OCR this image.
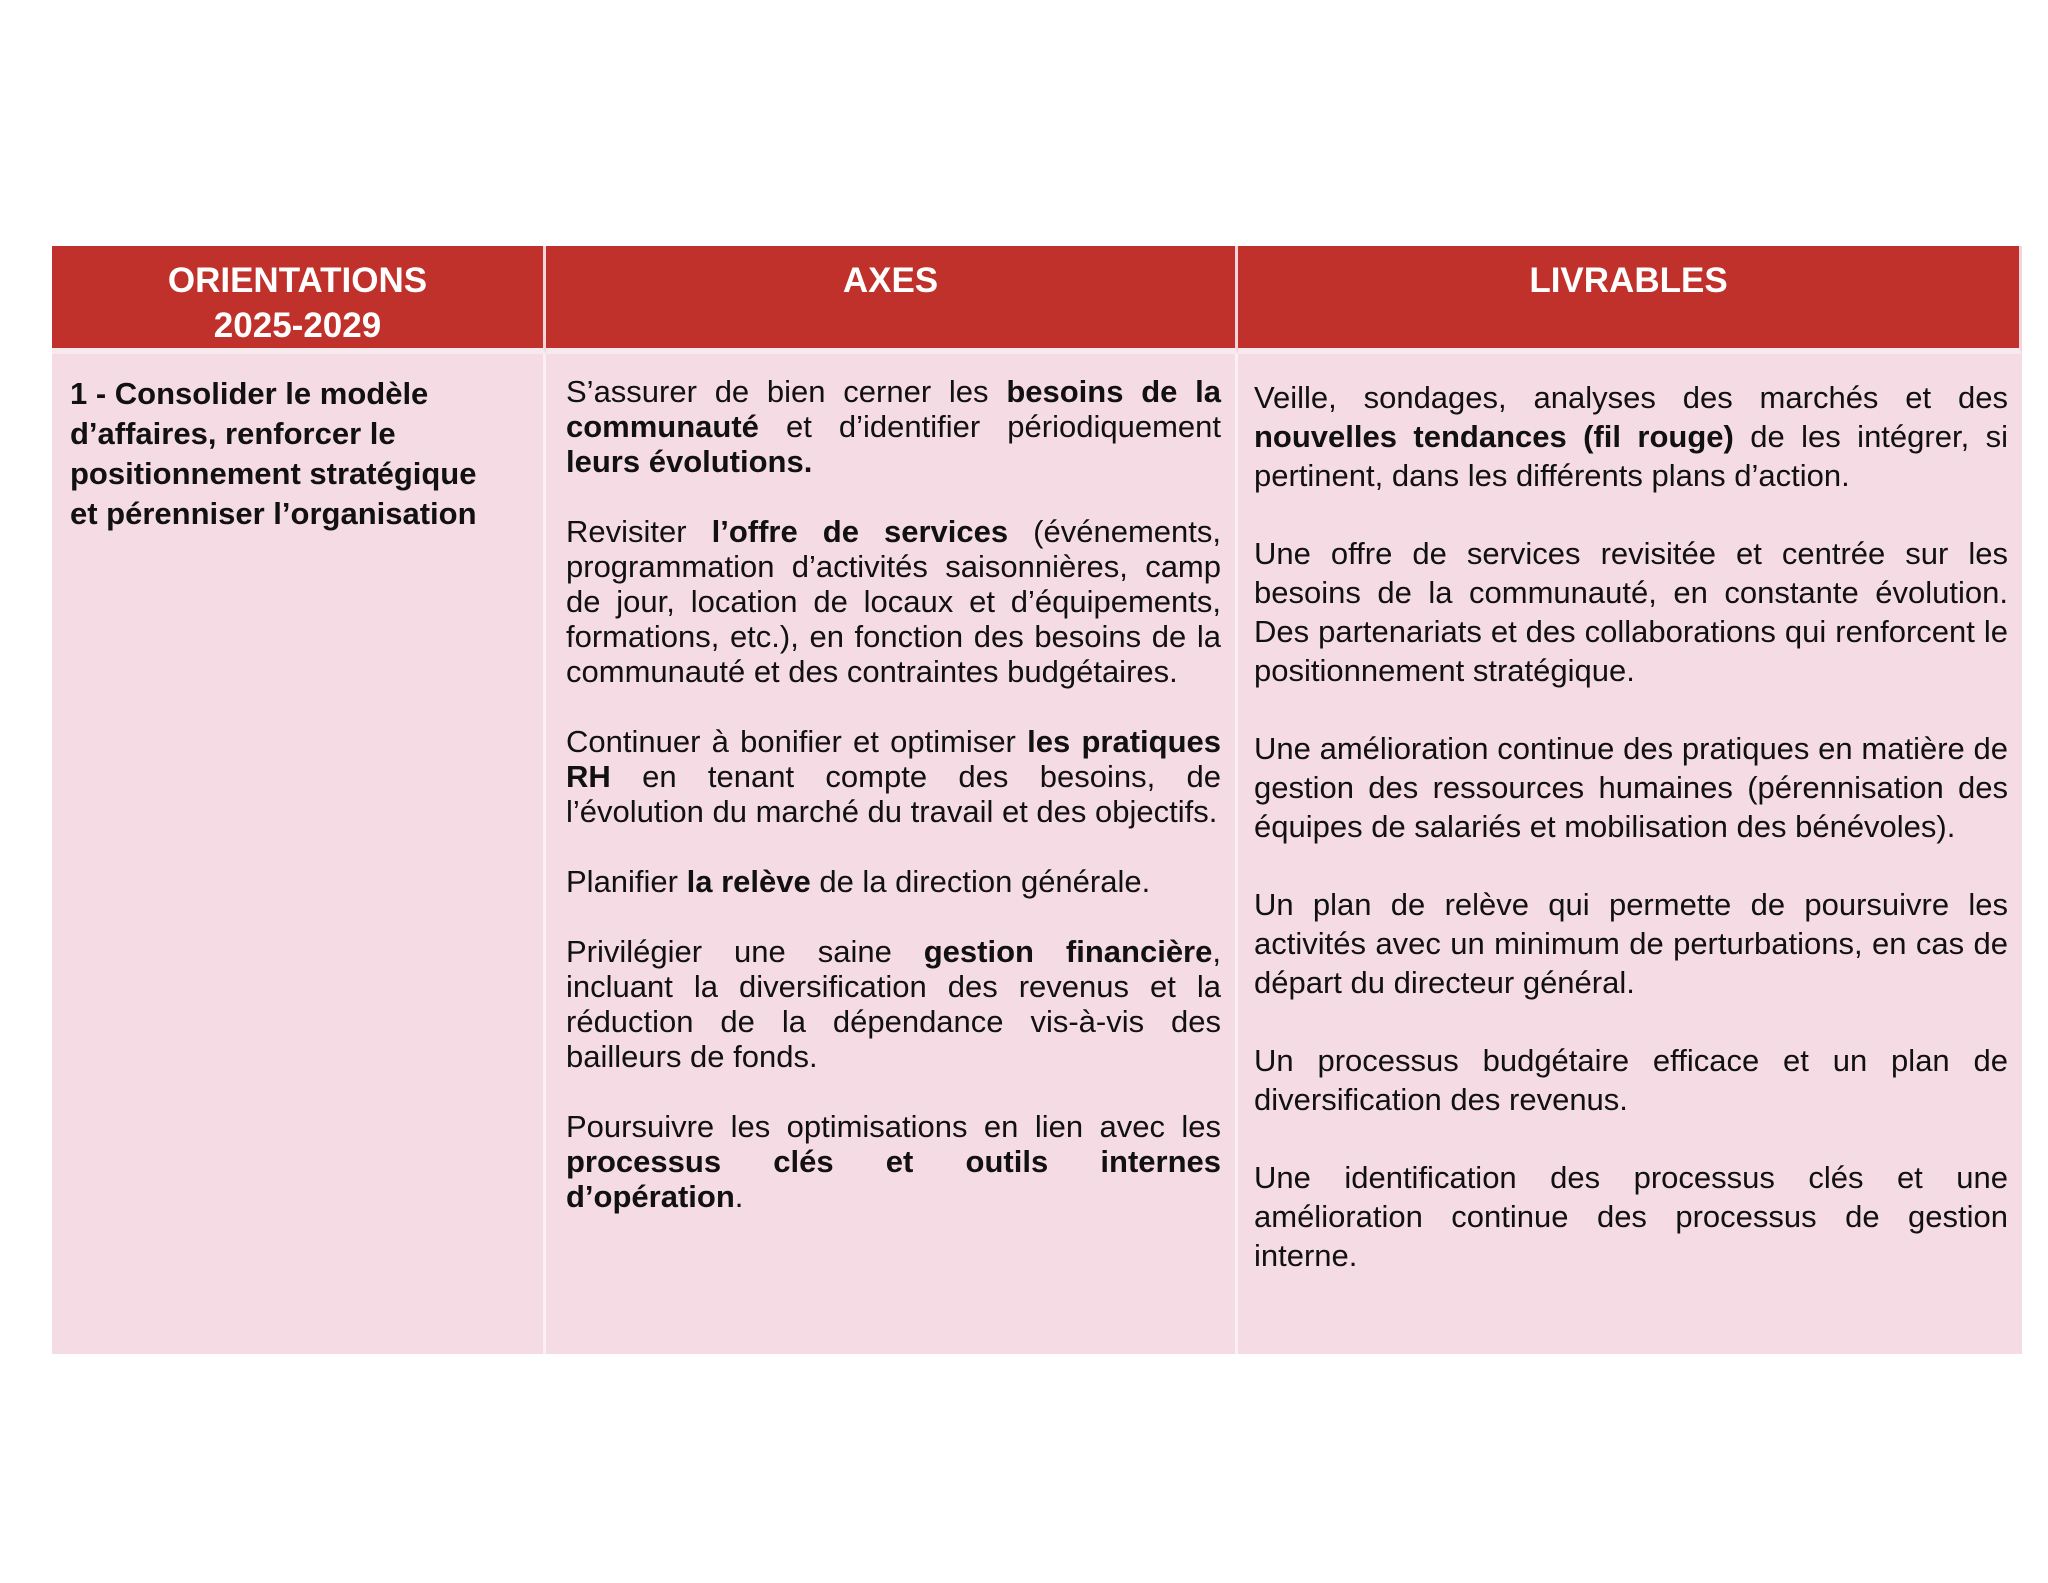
ORIENTATIONS
2025-2029
AXES	LIVRABLES
1 - Consolider le modèle
d’affaires, renforcer le
positionnement stratégique
et pérenniser l’organisation

S’assurer de bien cerner les besoins de la communauté et d’identifier périodiquement leurs évolutions.

Revisiter l’offre de services (événements, programmation d’activités saisonnières, camp de jour, location de locaux et d’équipements, formations, etc.), en fonction des besoins de la communauté et des contraintes budgétaires.

Continuer à bonifier et optimiser les pratiques RH en tenant compte des besoins, de l’évolution du marché du travail et des objectifs.

Planifier la relève de la direction générale.

Privilégier une saine gestion financière, incluant la diversification des revenus et la réduction de la dépendance vis-à-vis des bailleurs de fonds.

Poursuivre les optimisations en lien avec les processus clés et outils internes d’opération.

Veille, sondages, analyses des marchés et des nouvelles tendances (fil rouge) de les intégrer, si pertinent, dans les différents plans d’action.

Une offre de services revisitée et centrée sur les besoins de la communauté, en constante évolution. Des partenariats et des collaborations qui renforcent le positionnement stratégique.

Une amélioration continue des pratiques en matière de gestion des ressources humaines (pérennisation des équipes de salariés et mobilisation des bénévoles).

Un plan de relève qui permette de poursuivre les activités avec un minimum de perturbations, en cas de départ du directeur général.

Un processus budgétaire efficace et un plan de diversification des revenus.

Une identification des processus clés et une amélioration continue des processus de gestion interne.
